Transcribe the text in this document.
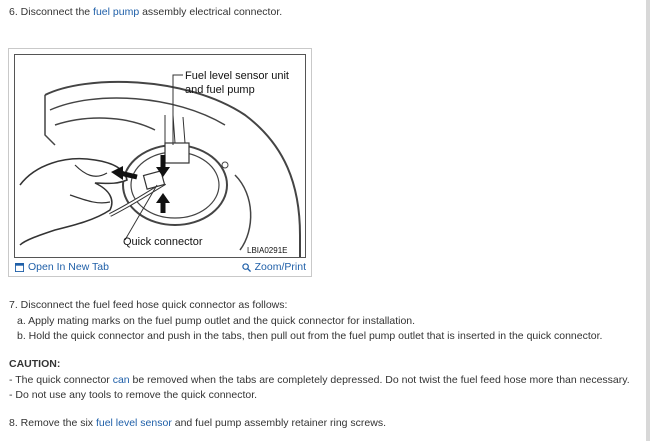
6. Disconnect the fuel pump assembly electrical connector.
Fuel level sensor unit
and fuel pump
Quick connector
LBIA0291E
Open In New Tab	Zoom/Print
7. Disconnect the fuel feed hose quick connector as follows:
a. Apply mating marks on the fuel pump outlet and the quick connector for installation.
b. Hold the quick connector and push in the tabs, then pull out from the fuel pump outlet that is inserted in the quick connector.
CAUTION:
- The quick connector can be removed when the tabs are completely depressed. Do not twist the fuel feed hose more than necessary.
- Do not use any tools to remove the quick connector.
8. Remove the six fuel level sensor and fuel pump assembly retainer ring screws.
